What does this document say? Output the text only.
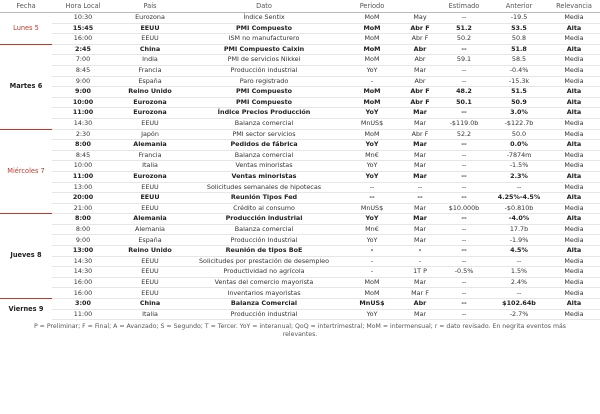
Fecha	Hora Local	País	Dato	Periodo		Estimado	Anterior	Relevancia
Lunes 5	10:30	Eurozona	Índice Sentix	MoM	May	--	-19.5	Media
	15:45	EEUU	PMI Compuesto	MoM	Abr F	51.2	53.5	Alta
	16:00	EEUU	ISM no manufacturero	MoM	Abr F	50.2	50.8	Media
Martes 6	2:45	China	PMI Compuesto Caixin	MoM	Abr	--	51.8	Alta
	7:00	India	PMI de servicios Nikkei	MoM	Abr	59.1	58.5	Media
	8:45	Francia	Producción industrial	YoY	Mar	--	-0.4%	Media
	9:00	España	Paro registrado	-	Abr	--	-15.3k	Media
	9:00	Reino Unido	PMI Compuesto	MoM	Abr F	48.2	51.5	Alta
	10:00	Eurozona	PMI Compuesto	MoM	Abr F	50.1	50.9	Alta
	11:00	Eurozona	Índice Precios Producción	YoY	Mar	--	3.0%	Alta
	14:30	EEUU	Balanza comercial	MnUS$	Mar	-$119.0b	-$122.7b	Media
Miércoles 7	2:30	Japón	PMI sector servicios	MoM	Abr F	52.2	50.0	Media
	8:00	Alemania	Pedidos de fábrica	YoY	Mar	--	0.0%	Alta
	8:45	Francia	Balanza comercial	Mn€	Mar	--	-7874m	Media
	10:00	Italia	Ventas minoristas	YoY	Mar	--	-1.5%	Media
	11:00	Eurozona	Ventas minoristas	YoY	Mar	--	2.3%	Alta
	13:00	EEUU	Solicitudes semanales de hipotecas	--	--	--	--	Media
	20:00	EEUU	Reunión Tipos Fed	--	--	--	4.25%-4.5%	Alta
	21:00	EEUU	Crédito al consumo	MnUS$	Mar	$10.000b	-$0.810b	Media
Jueves 8	8:00	Alemania	Producción industrial	YoY	Mar	--	-4.0%	Alta
	8:00	Alemania	Balanza comercial	Mn€	Mar	--	17.7b	Media
	9:00	España	Producción Industrial	YoY	Mar	--	-1.9%	Media
	13:00	Reino Unido	Reunión de tipos BoE	-	-	--	4.5%	Alta
	14:30	EEUU	Solicitudes por prestación de desempleo	-	-	--	--	Media
	14:30	EEUU	Productividad no agrícola	-	1T P	-0.5%	1.5%	Media
	16:00	EEUU	Ventas del comercio mayorista	MoM	Mar	--	2.4%	Media
	16:00	EEUU	Inventarios mayoristas	MoM	Mar F	--	--	Media
Viernes 9	3:00	China	Balanza Comercial	MnUS$	Abr	--	$102.64b	Alta
	11:00	Italia	Producción industrial	YoY	Mar	--	-2.7%	Media
P = Preliminar; F = Final; A = Avanzado; S = Segundo; T = Tercer. YoY = interanual; QoQ = intertrimestral; MoM = intermensual; r = dato revisado. En negrita eventos más relevantes.
